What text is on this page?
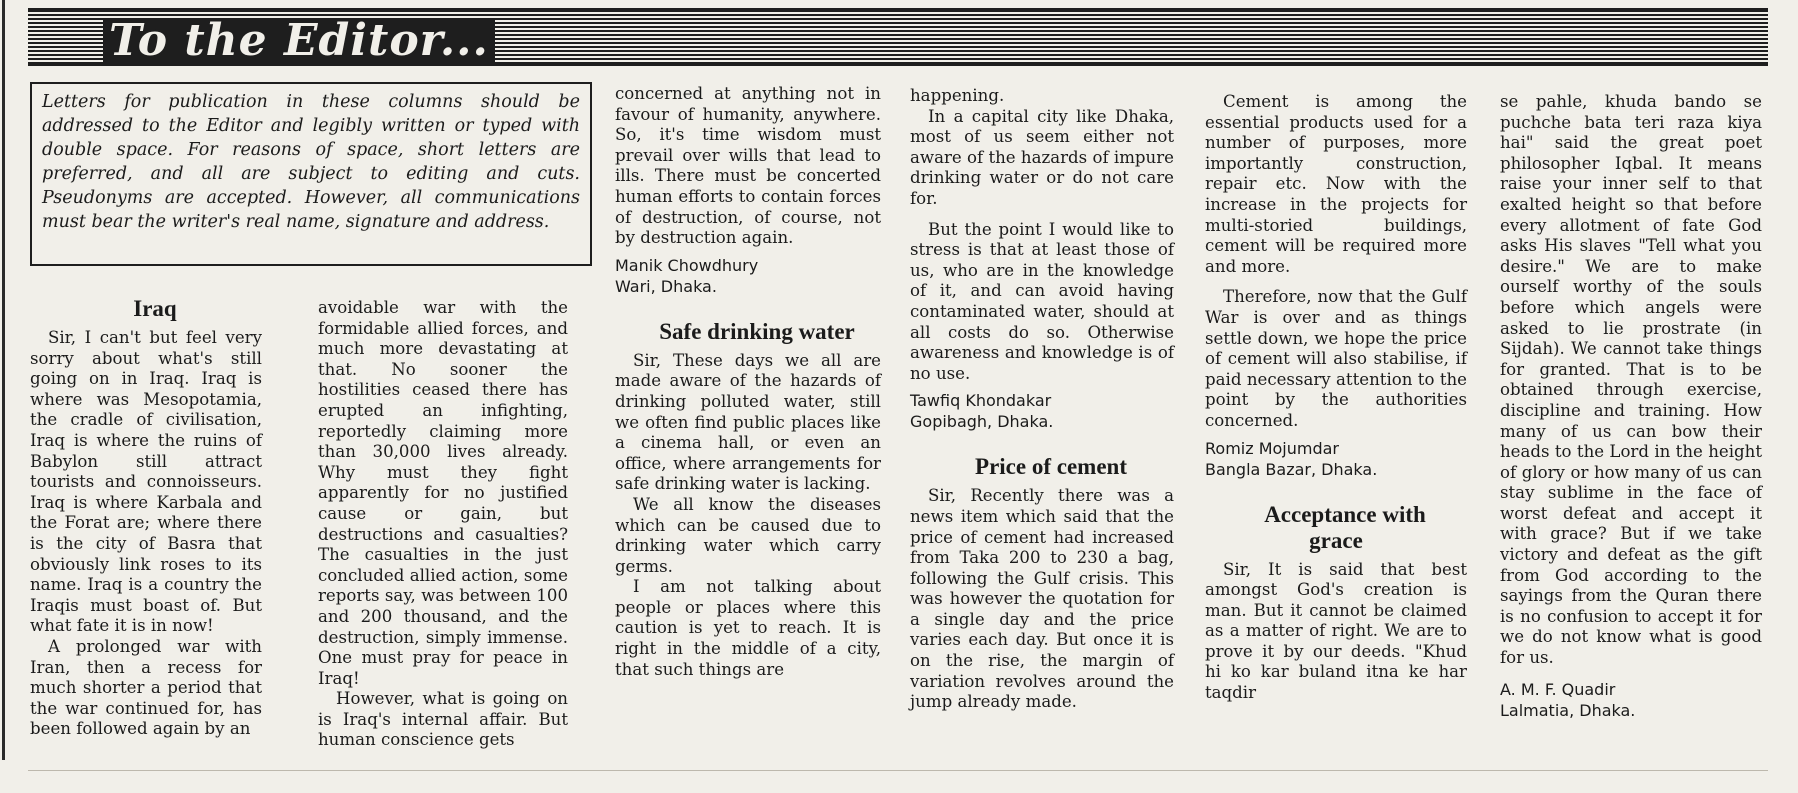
To the Editor...
Letters for publication in these columns should be addressed to the Editor and legibly written or typed with double space. For reasons of space, short letters are preferred, and all are subject to editing and cuts. Pseudonyms are accepted. However, all communications must bear the writer's real name, signature and address.

Iraq

Sir, I can't but feel very sorry about what's still going on in Iraq. Iraq is where was Mesopotamia, the cradle of civilisation, Iraq is where the ruins of Babylon still attract tourists and connoisseurs. Iraq is where Karbala and the Forat are; where there is the city of Basra that obviously link roses to its name. Iraq is a country the Iraqis must boast of. But what fate it is in now!

A prolonged war with Iran, then a recess for much shorter a period that the war continued for, has been followed again by an

avoidable war with the formidable allied forces, and much more devastating at that. No sooner the hostilities ceased there has erupted an infighting, reportedly claiming more than 30,000 lives already. Why must they fight apparently for no justified cause or gain, but destructions and casualties? The casualties in the just concluded allied action, some reports say, was between 100 and 200 thousand, and the destruction, simply immense. One must pray for peace in Iraq!

However, what is going on is Iraq's internal affair. But human conscience gets

concerned at anything not in favour of humanity, anywhere. So, it's time wisdom must prevail over wills that lead to ills. There must be concerted human efforts to contain forces of destruction, of course, not by destruction again.

Manik Chowdhury

Wari, Dhaka.

Safe drinking water

Sir, These days we all are made aware of the hazards of drinking polluted water, still we often find public places like a cinema hall, or even an office, where arrangements for safe drinking water is lacking.

We all know the diseases which can be caused due to drinking water which carry germs.

I am not talking about people or places where this caution is yet to reach. It is right in the middle of a city, that such things are

happening.

In a capital city like Dhaka, most of us seem either not aware of the hazards of impure drinking water or do not care for.

But the point I would like to stress is that at least those of us, who are in the knowledge of it, and can avoid having contaminated water, should at all costs do so. Otherwise awareness and knowledge is of no use.

Tawfiq Khondakar

Gopibagh, Dhaka.

Price of cement

Sir, Recently there was a news item which said that the price of cement had increased from Taka 200 to 230 a bag, following the Gulf crisis. This was however the quotation for a single day and the price varies each day. But once it is on the rise, the margin of variation revolves around the jump already made.

Cement is among the essential products used for a number of purposes, more importantly construction, repair etc. Now with the increase in the projects for multi-storied buildings, cement will be required more and more.

Therefore, now that the Gulf War is over and as things settle down, we hope the price of cement will also stabilise, if paid necessary attention to the point by the authorities concerned.

Romiz Mojumdar

Bangla Bazar, Dhaka.

Acceptance with grace

Sir, It is said that best amongst God's creation is man. But it cannot be claimed as a matter of right. We are to prove it by our deeds. "Khud hi ko kar buland itna ke har taqdir

se pahle, khuda bando se puchche bata teri raza kiya hai" said the great poet philosopher Iqbal. It means raise your inner self to that exalted height so that before every allotment of fate God asks His slaves "Tell what you desire." We are to make ourself worthy of the souls before which angels were asked to lie prostrate (in Sijdah). We cannot take things for granted. That is to be obtained through exercise, discipline and training. How many of us can bow their heads to the Lord in the height of glory or how many of us can stay sublime in the face of worst defeat and accept it with grace? But if we take victory and defeat as the gift from God according to the sayings from the Quran there is no confusion to accept it for we do not know what is good for us.

A. M. F. Quadir

Lalmatia, Dhaka.
